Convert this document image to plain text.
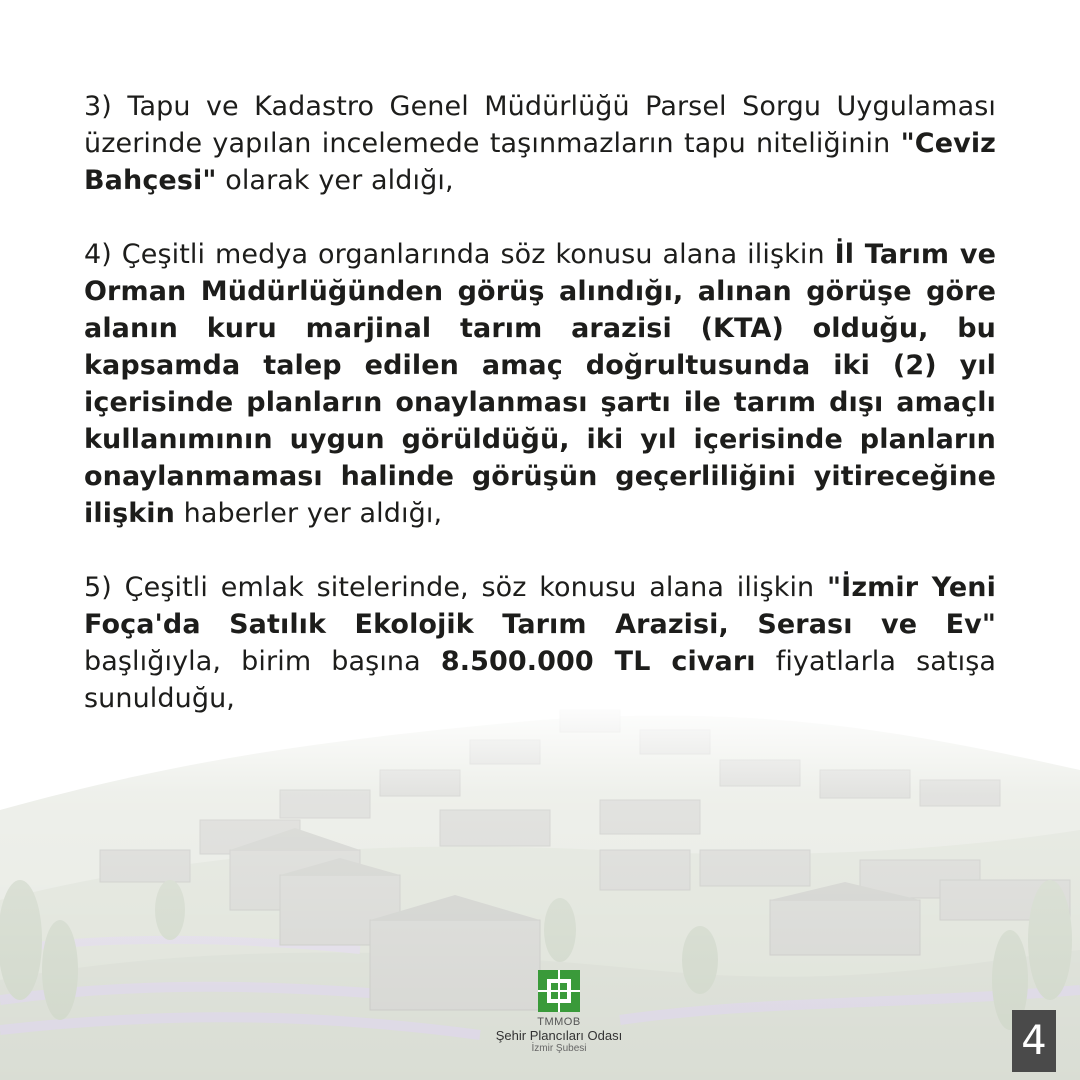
3) Tapu ve Kadastro Genel Müdürlüğü Parsel Sorgu Uygulaması üzerinde yapılan incelemede taşınmazların tapu niteliğinin "Ceviz Bahçesi" olarak yer aldığı,

4) Çeşitli medya organlarında söz konusu alana ilişkin İl Tarım ve Orman Müdürlüğünden görüş alındığı, alınan görüşe göre alanın kuru marjinal tarım arazisi (KTA) olduğu, bu kapsamda talep edilen amaç doğrultusunda iki (2) yıl içerisinde planların onaylanması şartı ile tarım dışı amaçlı kullanımının uygun görüldüğü, iki yıl içerisinde planların onaylanmaması halinde görüşün geçerliliğini yitireceğine ilişkin haberler yer aldığı,

5) Çeşitli emlak sitelerinde, söz konusu alana ilişkin "İzmir Yeni Foça'da Satılık Ekolojik Tarım Arazisi, Serası ve Ev" başlığıyla, birim başına 8.500.000 TL civarı fiyatlarla satışa sunulduğu,

TMMOB
Şehir Plancıları Odası
İzmir Şubesi	4
